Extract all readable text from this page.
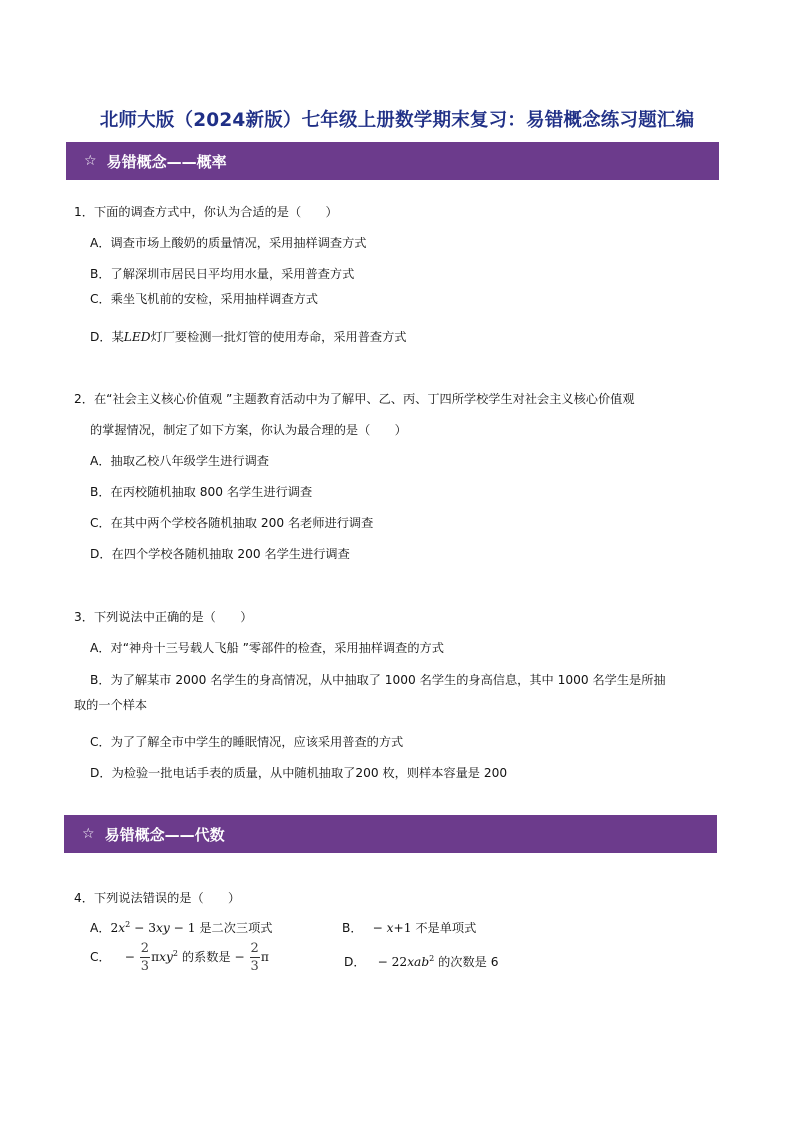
北师大版（2024新版）七年级上册数学期末复习：易错概念练习题汇编
☆ 易错概念——概率
1．下面的调查方式中，你认为合适的是（　　）
A．调查市场上酸奶的质量情况，采用抽样调查方式
B．了解深圳市居民日平均用水量，采用普查方式
C．乘坐飞机前的安检，采用抽样调查方式
D．某LED灯厂要检测一批灯管的使用寿命，采用普查方式
2．在“社会主义核心价值观 ”主题教育活动中为了解甲、乙、丙、丁四所学校学生对社会主义核心价值观
的掌握情况，制定了如下方案，你认为最合理的是（　　）
A．抽取乙校八年级学生进行调查
B．在丙校随机抽取 800 名学生进行调查
C．在其中两个学校各随机抽取 200 名老师进行调查
D．在四个学校各随机抽取 200 名学生进行调查
3．下列说法中正确的是（　　）
A．对“神舟十三号载人飞船 ”零部件的检查，采用抽样调查的方式
B．为了解某市 2000 名学生的身高情况，从中抽取了 1000 名学生的身高信息，其中 1000 名学生是所抽
取的一个样本
C．为了了解全市中学生的睡眠情况，应该采用普查的方式
D．为检验一批电话手表的质量，从中随机抽取了200 枚，则样本容量是 200
☆ 易错概念——代数
4．下列说法错误的是（　　）
A．$2x^2 - 3xy - 1$ 是二次三项式	B． − x+1 不是单项式
C． − $\frac{2}{3} \pi xy^2$ 的系数是 − $\frac{2}{3}$ π	D． − 22xab$^2$ 的次数是 6
